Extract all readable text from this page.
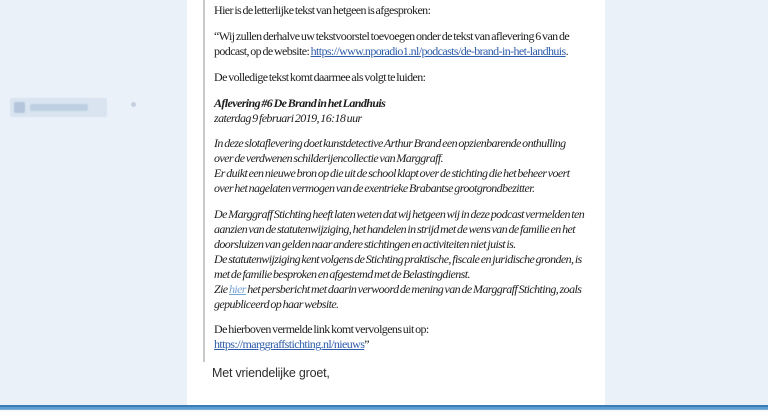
Hier is de letterlijke tekst van hetgeen is afgesproken:

“Wij zullen derhalve uw tekstvoorstel toevoegen onder de tekst van aflevering 6 van de podcast, op de website: https://www.nporadio1.nl/podcasts/de-brand-in-het-landhuis.

De volledige tekst komt daarmee als volgt te luiden:

Aflevering #6 De Brand in het Landhuis

zaterdag 9 februari 2019, 16:18 uur

In deze slotaflevering doet kunstdetective Arthur Brand een opzienbarende onthulling over de verdwenen schilderijencollectie van Marggraff.
Er duikt een nieuwe bron op die uit de school klapt over de stichting die het beheer voert over het nagelaten vermogen van de exentrieke Brabantse grootgrondbezitter.
De Marggraff Stichting heeft laten weten dat wij hetgeen wij in deze podcast vermelden ten aanzien van de statutenwijziging, het handelen in strijd met de wens van de familie en het doorsluizen van gelden naar andere stichtingen en activiteiten niet juist is.
De statutenwijziging kent volgens de Stichting praktische, fiscale en juridische gronden, is met de familie besproken en afgestemd met de Belastingdienst.
Zie hier het persbericht met daarin verwoord de mening van de Marggraff Stichting, zoals gepubliceerd op haar website.

De hierboven vermelde link komt vervolgens uit op:
https://marggraffstichting.nl/nieuws”

Met vriendelijke groet,
